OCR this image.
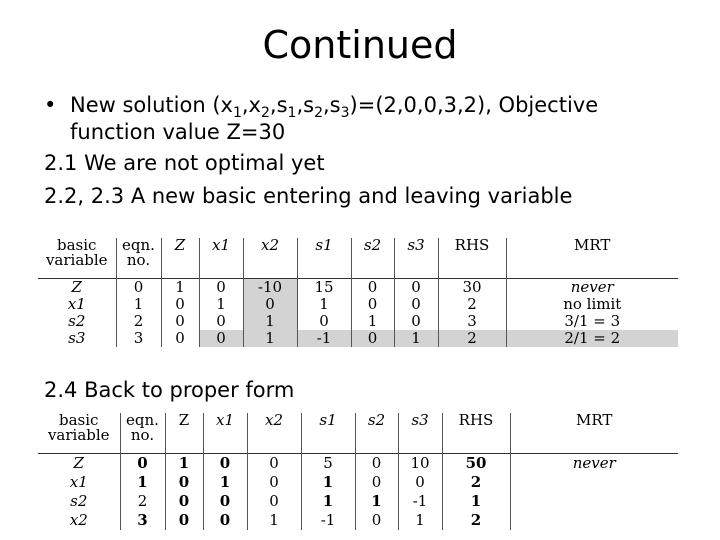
Continued
• New solution $(x_1,x_2,s_1,s_2,s_3)=(2,0,0,3,2)$, Objective
function value Z=30
2.1 We are not optimal yet
2.2, 2.3 A new basic entering and leaving variable
basic variable	eqn. no.	Z	x1	x2	s1	s2	s3	RHS	MRT
Z	0	1	0	-10	15	0	0	30	never
x1	1	0	1	0	1	0	0	2	no limit
s2	2	0	0	1	0	1	0	3	3/1 = 3
s3	3	0	0	1	-1	0	1	2	2/1 = 2
2.4 Back to proper form
basic variable	eqn. no.	Z	x1	x2	s1	s2	s3	RHS	MRT
Z	0	1	0	0	5	0	10	50	never
x1	1	0	1	0	1	0	0	2	
s2	2	0	0	0	1	1	-1	1	
x2	3	0	0	1	-1	0	1	2	
